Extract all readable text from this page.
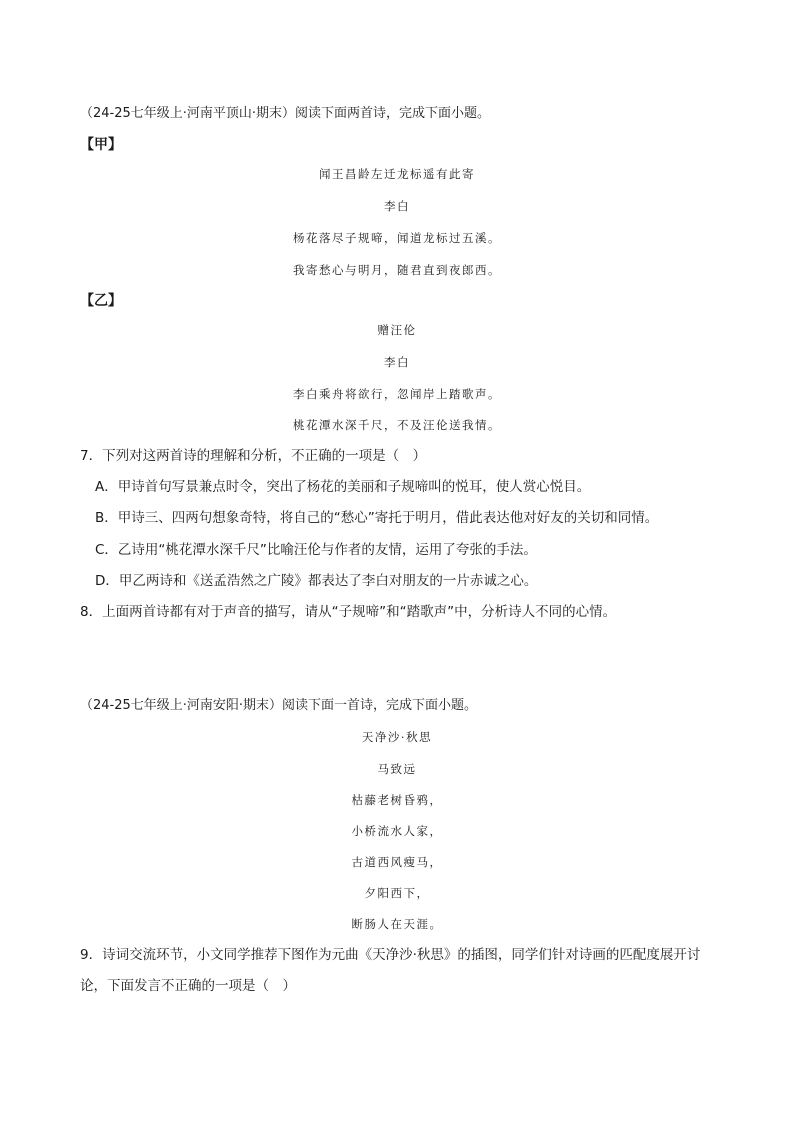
（24-25七年级上·河南平顶山·期末）阅读下面两首诗，完成下面小题。
【甲】
闻王昌龄左迁龙标遥有此寄
李白
杨花落尽子规啼，闻道龙标过五溪。
我寄愁心与明月，随君直到夜郎西。
【乙】
赠汪伦
李白
李白乘舟将欲行，忽闻岸上踏歌声。
桃花潭水深千尺，不及汪伦送我情。
7．下列对这两首诗的理解和分析，不正确的一项是（　）
A．甲诗首句写景兼点时令，突出了杨花的美丽和子规啼叫的悦耳，使人赏心悦目。
B．甲诗三、四两句想象奇特，将自己的“愁心”寄托于明月，借此表达他对好友的关切和同情。
C．乙诗用“桃花潭水深千尺”比喻汪伦与作者的友情，运用了夸张的手法。
D．甲乙两诗和《送孟浩然之广陵》都表达了李白对朋友的一片赤诚之心。
8．上面两首诗都有对于声音的描写，请从“子规啼”和“踏歌声”中，分析诗人不同的心情。
（24-25七年级上·河南安阳·期末）阅读下面一首诗，完成下面小题。
天净沙·秋思
马致远
枯藤老树昏鸦，
小桥流水人家，
古道西风瘦马，
夕阳西下，
断肠人在天涯。
9．诗词交流环节，小文同学推荐下图作为元曲《天净沙·秋思》的插图，同学们针对诗画的匹配度展开讨
论，下面发言不正确的一项是（　）
